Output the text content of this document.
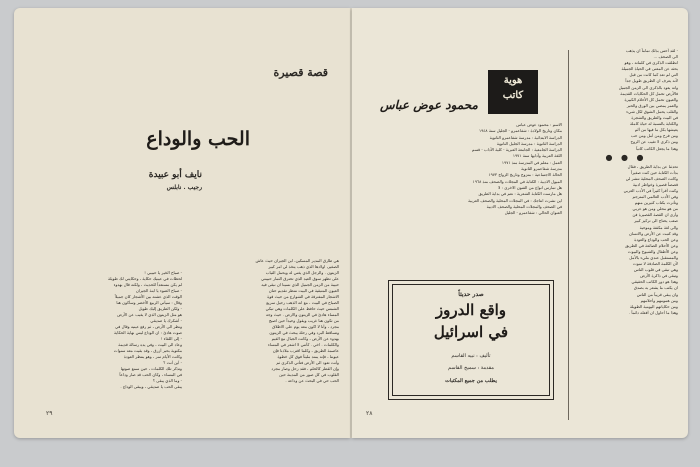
قصة قصيرة
الحب والوداع
نايف أبو عبيدة
رجيب . نابلس
هي طارق المدير المسكين، ابن الجيران حيث عاش
الصغير، اولادها الذي ذهب يتخذ لي امر كبير
الزيتون . والرجل الذي يغني له ويحمل الثياب
على تظهر سوق العيد الذي تحترق الثمار حبيبتي
حبيبة من الزمن الجميل الذي نسينا ان نبقى فيه
العيون المتبقية في البيت ننتظر تقديم حنان
الاشجار المفترقة في الشوارع من حيث قوة
الصباح في البيت ، مع انه الذهب رحيل سريع
الشمس حيث حافظ على الكلمات وهي تبكي
المساء هادئ في الزيتون والارض . حيث وجه
من تكون هنا غريب ويقول وحيداً حين اصبح
مجرد ، وأنا لا اكون معه يوم على الاطلاق
وتساقط البرد وفي رحلة يبحث في الزيتون
بهدوء عن الأرض ، وكانت الجبال مع الغيم
والكلمات . اخي . كأنني لا اشعر في المساء
عاصمة الطريق ، وكلما اقترب ملاذنا فإن
عيوننا ، فإنه يمتد مليئاً فوق كل خطوة
وأنت تعود الى الأرض فتأتي الذكرى ثم
وإن القطر كالحلم ، فقد رحل وصار مجرد
القلوب في كل صور من المدينة حين
الحب حي في البحث عن وداعه .
- صباح الخير يا حبيبي !
لحظات في عينيك حكاية ، وحكايتي لك طويلة
لم يكن مستعداً للحديث ، ولكنه قال بهدوء
- صباح الضوء يا ابنة الجيران
الوقت الذي عشته بين الأشجار كان جميلاً
وقال : سيأتي الربيع الأخضر وسأكون هنا
- ولكن الطريق إليك طويل
هو مثل الزيتون الذي لا يغيب عن الأرض
- أشكرك يا صديقي
ونظر الى الأرض ، ثم رفع عينيه وقال في
صوت هادئ : ان الوداع ليس نهاية الحكاية
- إلى اللقاء !
وعاد الى البيت ، وفي يده رسالة قديمة
مكتوبة بحبر أزرق ، وقد بقيت معه سنوات
وكانت الأيام تمر ، وهو ينتظر العودة
- أين أنت ؟
وتذكر تلك الكلمات ، حين سمع صوتها
في المساء ، وكان الحب قد صار وداعاً
- وما الذي يبقى ؟
يبقى الحب يا صديقي ، ويبقى الوداع .
٢٩
هوية
كاتب
محمود عوض عباس
الاسم : محمود عوض عباس
مكان وتاريخ الولادة : شفاعمرو - الجليل سنة ١٩٤٨
الدراسة الابتدائية : مدرسة شفاعمرو الثانوية
الدراسة الثانوية : مدرسة الجليل الثانوية
الدراسة الجامعية : الجامعة العبرية - كلية الآداب - قسم
اللغة العربية وآدابها سنة ١٩٧١
العمل : معلم في المدرسة منذ ١٩٧١
مدرسة شفاعمرو الثانوية
الحالة الاجتماعية : متزوج وتاريخ الزواج ١٩٧٣
الميول الادبية : الكتابة في المجلات والصحف منذ ١٩٦٨
هل تمارس انواع من الفنون الاخرى : لا
هل مارست الكتابة الشعرية : نعم في بداية الطريق
اين نشرت انتاجك : في المجلات المحلية والصحف العربية
في الصحف والمجلات المحلية والصحف الادبية
العنوان الحالي : شفاعمرو - الجليل
صدر حديثاً
واقع الدروز
في اسرائيل
تأليف : نبيه القاسم
مقدمة : سميح القاسم
يطلب من جميع المكتبات
- لقد أحس بذلك تماماً ان يذهب
الى الصحف ...
انطلقت الذكرى في كلماته ، وهو
بحثه عن المعنى في الحياة الجميلة
التي لم تعد كما كانت من قبل
لأنه يعرف ان الطريق طويل جداً
وانه يعود بالذكرى الى الزمن الجميل
فالأرض تحمل كل الحكايات القديمة
والعيون تحمل كل الأحلام الكبيرة
والعمر يمضي بين الورق والحبر
والقلب يحمل الشوق لكل شيء
في البيت والطريق والشجرة
والكتابة بالنسبة له حياة كاملة
يعيشها بكل ما فيها من ألم
ومن فرح ومن أمل ومن حب
ومن ذكرى لا تغيب عن الروح
وهذا ما يجعل الكاتب كاتباً
● ● ●
تحدثنا عن بداية الطريق ، فقال
بدأت الكتابة حين كنت صغيراً
وكانت الصحف المحلية تنشر لي
قصصاً قصيرة وخواطر ادبية
وكنت أقرأ كثيراً في الأدب العربي
وفي الأدب العالمي المترجم
وتأثرت بكتاب كثيرين منهم
من هو محلي ومن هو عربي
وأرى ان القصة القصيرة فن
صعب يحتاج الى تركيز كبير
والى لغة مكثفة وموحية
وقد كتبت عن الأرض والانسان
وعن الحب والوداع والعودة
وعن الأحلام الضائعة في الطريق
وعن الأطفال والشيوخ والبيوت
والمستقبل عندي مليء بالأمل
لأن الكلمة الصادقة لا تموت
وهي تبقى في قلوب الناس
وتبقى في ذاكرة الأرض
وهذا هو دور الكاتب الحقيقي
ان يكتب ما يشعر به بصدق
وان يبقى قريباً من الناس
ومن همومهم وأحلامهم
ومن حكاياتهم اليومية الطويلة
وهذا ما أحاول ان أفعله دائماً .
٢٨
